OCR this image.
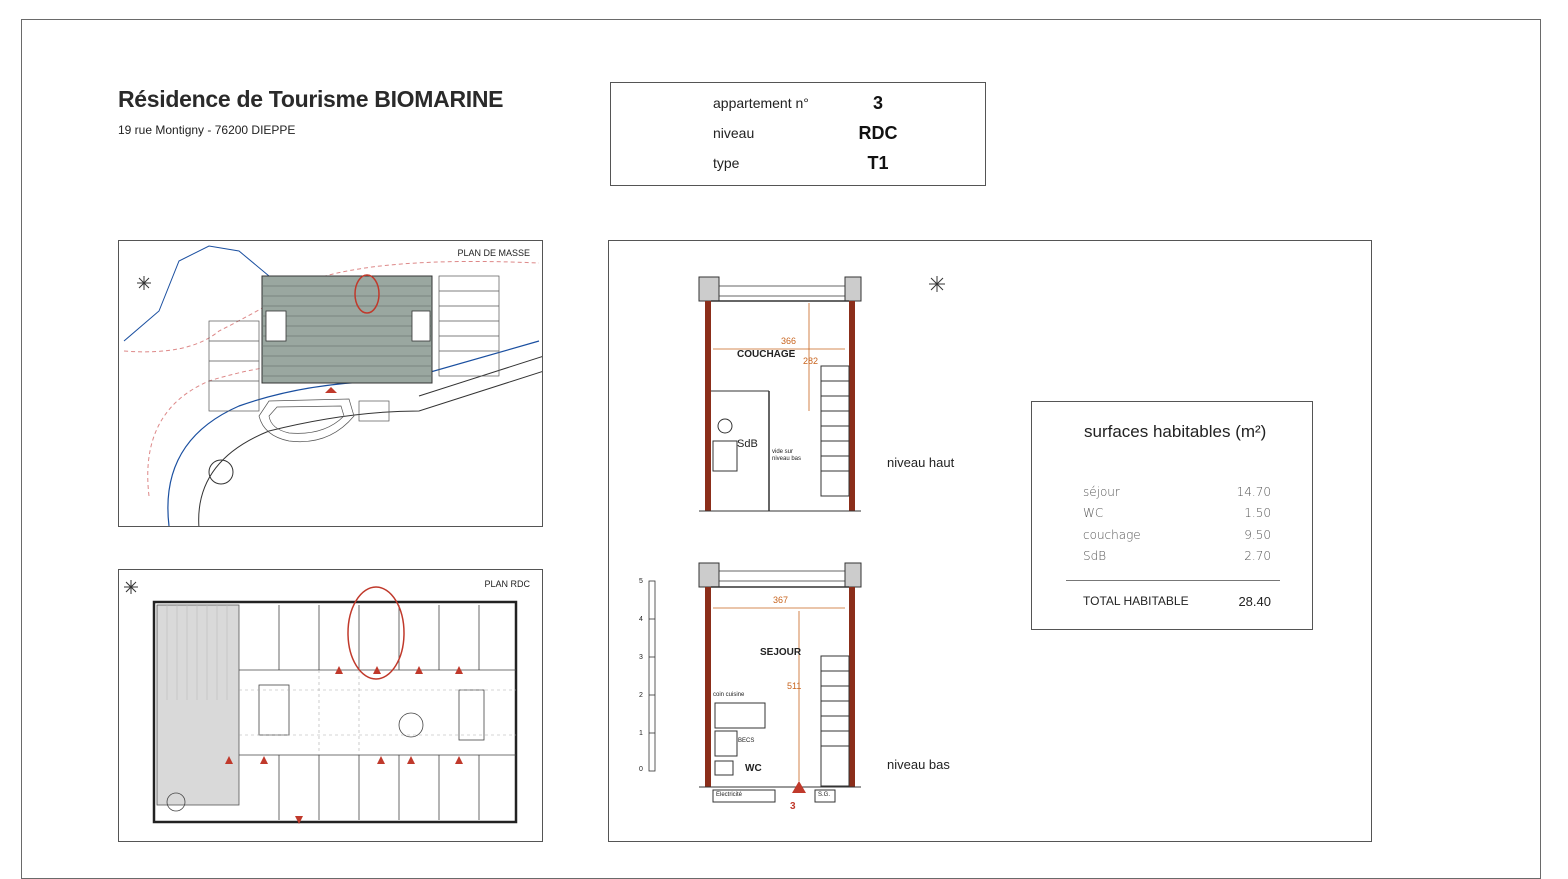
Résidence de Tourisme BIOMARINE
19 rue Montigny - 76200 DIEPPE
appartement n°	3
niveau	RDC
type	T1
PLAN DE MASSE
PLAN RDC
366
282
COUCHAGE
SdB
vide sur
niveau bas
367
511
SEJOUR
coin cuisine
BECS
WC
Electricité	S.G.
3
5
4
3
2
1
0
niveau haut
niveau bas
surfaces habitables (m²)
séjour	14.70
WC	1.50
couchage	9.50
SdB	2.70
TOTAL HABITABLE	28.40
